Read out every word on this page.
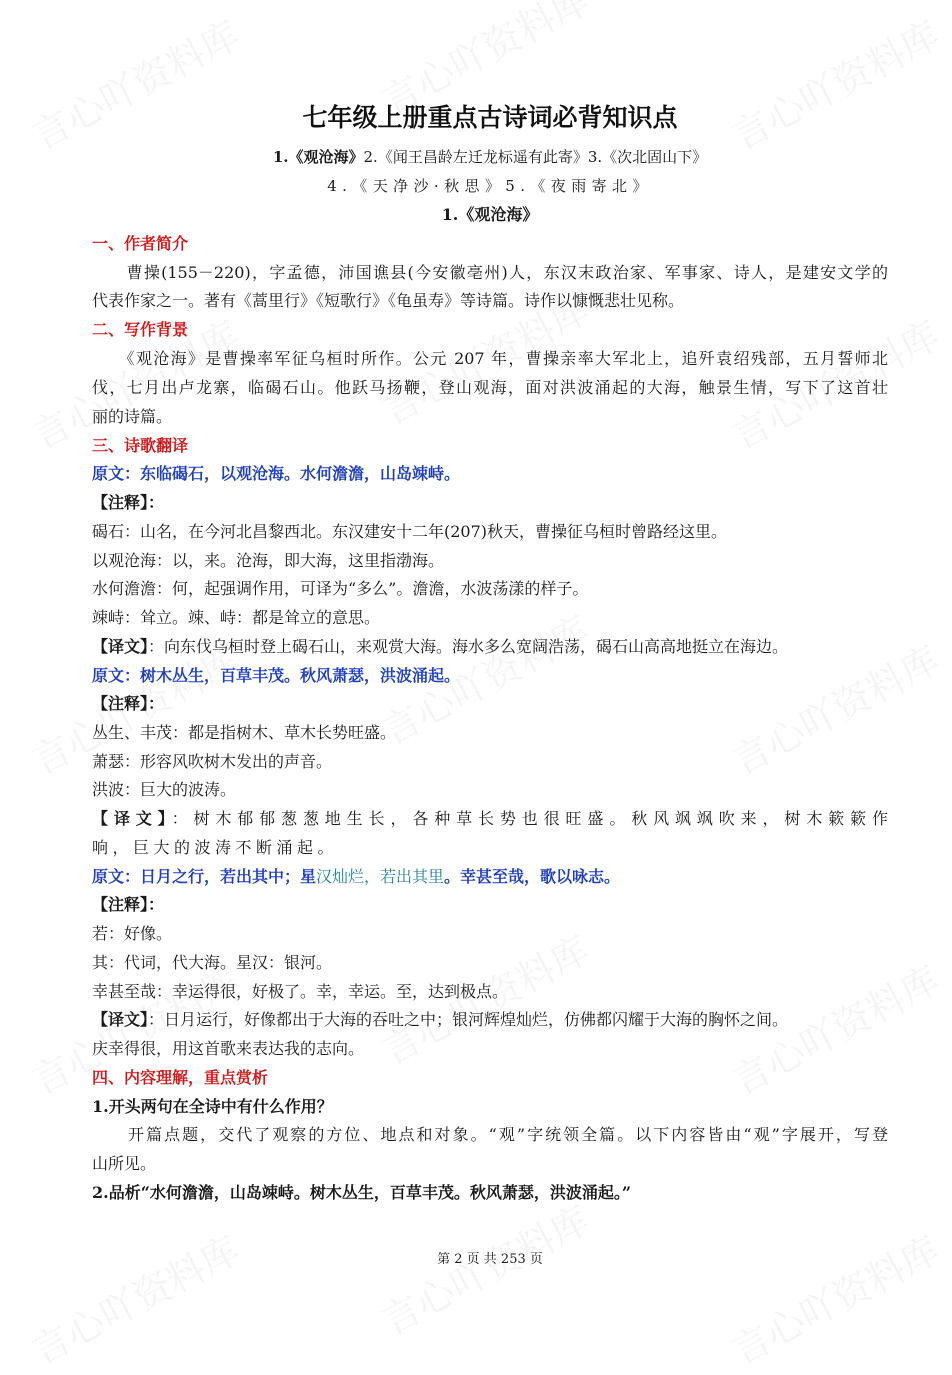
七年级上册重点古诗词必背知识点
1.《观沧海》2.《闻王昌龄左迁龙标遥有此寄》3.《次北固山下》
4.《天净沙·秋思》5.《夜雨寄北》
1.《观沧海》
一、作者简介
　　曹操(155－220)，字孟德，沛国谯县(今安徽亳州)人，东汉末政治家、军事家、诗人，是建安文学的
代表作家之一。著有《蒿里行》《短歌行》《龟虽寿》等诗篇。诗作以慷慨悲壮见称。
二、写作背景
　　《观沧海》是曹操率军征乌桓时所作。公元 207 年，曹操亲率大军北上，追歼袁绍残部，五月誓师北
伐，七月出卢龙寨，临碣石山。他跃马扬鞭，登山观海，面对洪波涌起的大海，触景生情，写下了这首壮
丽的诗篇。
三、诗歌翻译
原文：东临碣石，以观沧海。水何澹澹，山岛竦峙。
【注释】：
碣石：山名，在今河北昌黎西北。东汉建安十二年(207)秋天，曹操征乌桓时曾路经这里。
以观沧海：以，来。沧海，即大海，这里指渤海。
水何澹澹：何，起强调作用，可译为“多么”。澹澹，水波荡漾的样子。
竦峙：耸立。竦、峙：都是耸立的意思。
【译文】：向东伐乌桓时登上碣石山，来观赏大海。海水多么宽阔浩荡，碣石山高高地挺立在海边。
原文：树木丛生，百草丰茂。秋风萧瑟，洪波涌起。
【注释】：
丛生、丰茂：都是指树木、草木长势旺盛。
萧瑟：形容风吹树木发出的声音。
洪波：巨大的波涛。
【译文】：树木郁郁葱葱地生长，各种草长势也很旺盛。秋风飒飒吹来，树木簌簌作
响，巨大的波涛不断涌起。
原文：日月之行，若出其中；星汉灿烂，若出其里。幸甚至哉，歌以咏志。
【注释】：
若：好像。
其：代词，代大海。星汉：银河。
幸甚至哉：幸运得很，好极了。幸，幸运。至，达到极点。
【译文】：日月运行，好像都出于大海的吞吐之中；银河辉煌灿烂，仿佛都闪耀于大海的胸怀之间。
庆幸得很，用这首歌来表达我的志向。
四、内容理解，重点赏析
1.开头两句在全诗中有什么作用？
　　开篇点题，交代了观察的方位、地点和对象。“观”字统领全篇。以下内容皆由“观”字展开，写登
山所见。
2.品析“水何澹澹，山岛竦峙。树木丛生，百草丰茂。秋风萧瑟，洪波涌起。”
第 2 页 共 253 页
